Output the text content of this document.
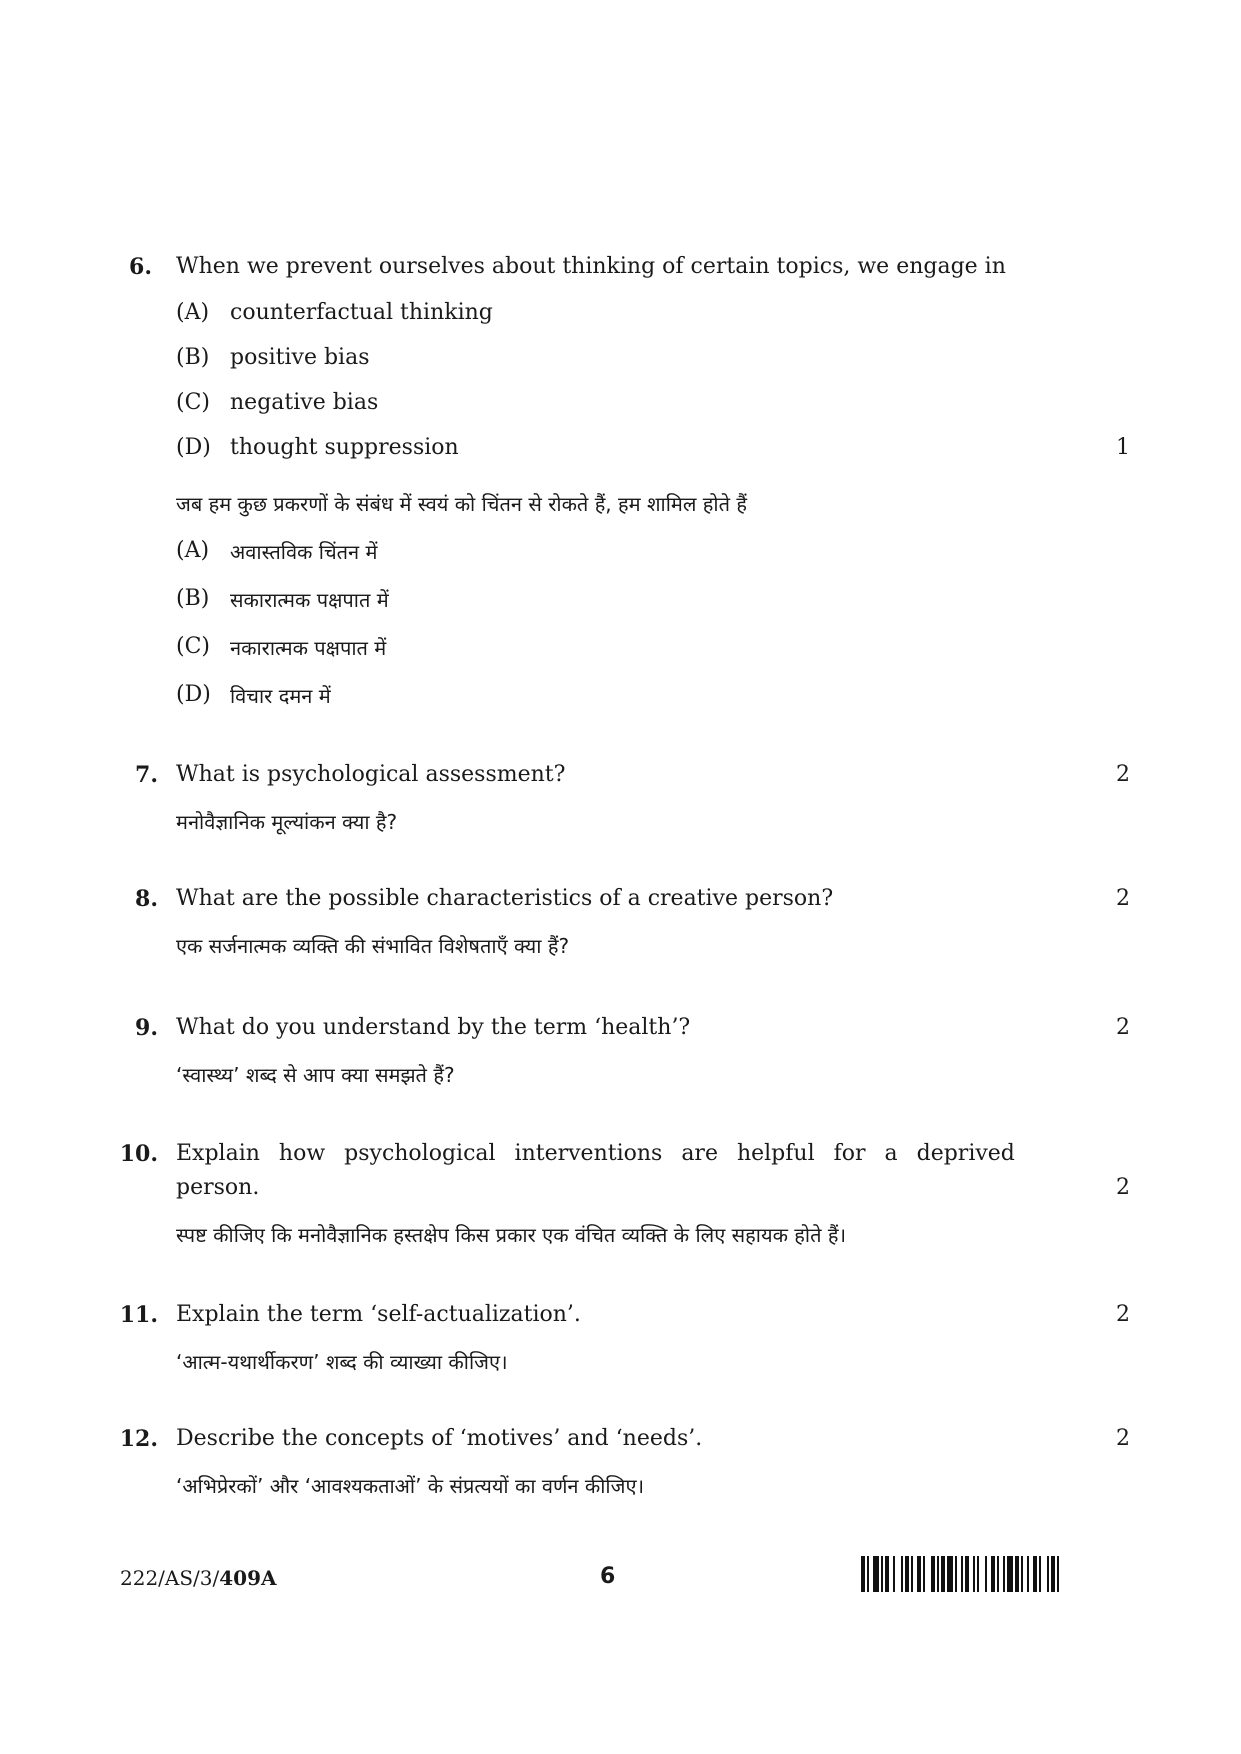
6. When we prevent ourselves about thinking of certain topics, we engage in
(A) counterfactual thinking
(B) positive bias
(C) negative bias
(D) thought suppression	1
जब हम कुछ प्रकरणों के संबंध में स्वयं को चिंतन से रोकते हैं, हम शामिल होते हैं
(A) अवास्तविक चिंतन में
(B) सकारात्मक पक्षपात में
(C) नकारात्मक पक्षपात में
(D) विचार दमन में
7. What is psychological assessment?	2
मनोवैज्ञानिक मूल्यांकन क्या है?
8. What are the possible characteristics of a creative person?	2
एक सर्जनात्मक व्यक्ति की संभावित विशेषताएँ क्या हैं?
9. What do you understand by the term ‘health’?	2
‘स्वास्थ्य’ शब्द से आप क्या समझते हैं?
10. Explain how psychological interventions are helpful for a deprived
person.	2
स्पष्ट कीजिए कि मनोवैज्ञानिक हस्तक्षेप किस प्रकार एक वंचित व्यक्ति के लिए सहायक होते हैं।
11. Explain the term ‘self-actualization’.	2
‘आत्म-यथार्थीकरण’ शब्द की व्याख्या कीजिए।
12. Describe the concepts of ‘motives’ and ‘needs’.	2
‘अभिप्रेरकों’ और ‘आवश्यकताओं’ के संप्रत्ययों का वर्णन कीजिए।
222/AS/3/409A	6
